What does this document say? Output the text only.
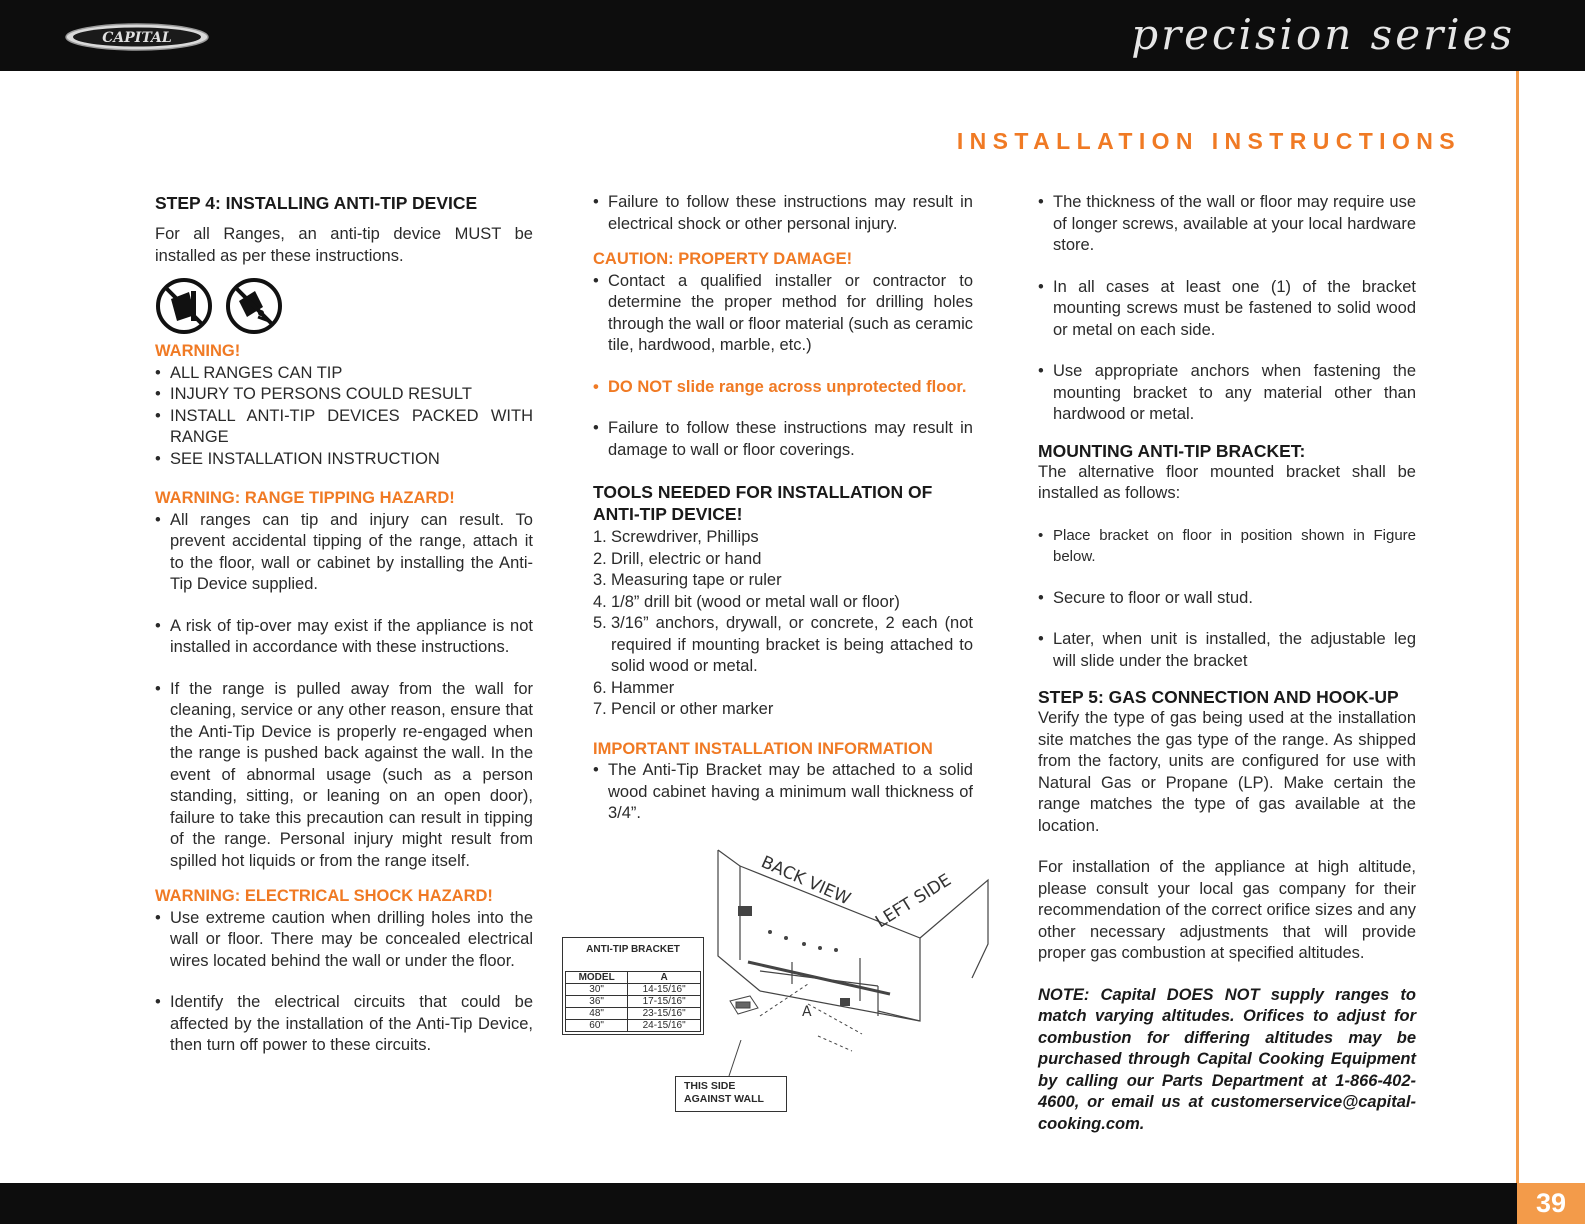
CAPITAL	precision series
INSTALLATION INSTRUCTIONS
STEP 4: INSTALLING ANTI-TIP DEVICE

For all Ranges, an anti-tip device MUST be installed as per these instructions.

WARNING!

• ALL RANGES CAN TIP
• INJURY TO PERSONS COULD RESULT
• INSTALL ANTI-TIP DEVICES PACKED WITH RANGE
• SEE INSTALLATION INSTRUCTION

WARNING: RANGE TIPPING HAZARD!

• All ranges can tip and injury can result. To prevent accidental tipping of the range, attach it to the floor, wall or cabinet by installing the Anti-Tip Device supplied.
• A risk of tip-over may exist if the appliance is not installed in accordance with these instructions.
• If the range is pulled away from the wall for cleaning, service or any other reason, ensure that the Anti-Tip Device is properly re-engaged when the range is pushed back against the wall. In the event of abnormal usage (such as a person standing, sitting, or leaning on an open door), failure to take this precaution can result in tipping of the range. Personal injury might result from spilled hot liquids or from the range itself.

WARNING: ELECTRICAL SHOCK HAZARD!

• Use extreme caution when drilling holes into the wall or floor. There may be concealed electrical wires located behind the wall or under the floor.
• Identify the electrical circuits that could be affected by the installation of the Anti-Tip Device, then turn off power to these circuits.
• Failure to follow these instructions may result in electrical shock or other personal injury.

CAUTION: PROPERTY DAMAGE!

• Contact a qualified installer or contractor to determine the proper method for drilling holes through the wall or floor material (such as ceramic tile, hardwood, marble, etc.)
• DO NOT slide range across unprotected floor.
• Failure to follow these instructions may result in damage to wall or floor coverings.
TOOLS NEEDED FOR INSTALLATION OF ANTI-TIP DEVICE!
1. Screwdriver, Phillips
2. Drill, electric or hand
3. Measuring tape or ruler
4. 1/8” drill bit (wood or metal wall or floor)
5. 3/16” anchors, drywall, or concrete, 2 each (not required if mounting bracket is being attached to solid wood or metal.
6. Hammer
7. Pencil or other marker

IMPORTANT INSTALLATION INFORMATION

• The Anti-Tip Bracket may be attached to a solid wood cabinet having a minimum wall thickness of 3/4”.
BACK VIEW LEFT SIDE
A
ANTI-TIP BRACKET
MODEL	A
30"	14-15/16"
36"	17-15/16"
48"	23-15/16"
60"	24-15/16"
THIS SIDE
AGAINST WALL
• The thickness of the wall or floor may require use of longer screws, available at your local hardware store.
• In all cases at least one (1) of the bracket mounting screws must be fastened to solid wood or metal on each side.
• Use appropriate anchors when fastening the mounting bracket to any material other than hardwood or metal.
MOUNTING ANTI-TIP BRACKET:

The alternative floor mounted bracket shall be installed as follows:

• Place bracket on floor in position shown in Figure below.
• Secure to floor or wall stud.
• Later, when unit is installed, the adjustable leg will slide under the bracket
STEP 5: GAS CONNECTION AND HOOK-UP

Verify the type of gas being used at the installation site matches the gas type of the range. As shipped from the factory, units are configured for use with Natural Gas or Propane (LP). Make certain the range matches the type of gas available at the location.

For installation of the appliance at high altitude, please consult your local gas company for their recommendation of the correct orifice sizes and any other necessary adjustments that will provide proper gas combustion at specified altitudes.

NOTE: Capital DOES NOT supply ranges to match varying altitudes. Orifices to adjust for combustion for differing altitudes may be purchased through Capital Cooking Equipment by calling our Parts Department at 1-866-402-4600, or email us at customerservice@capital-cooking.com.

39
